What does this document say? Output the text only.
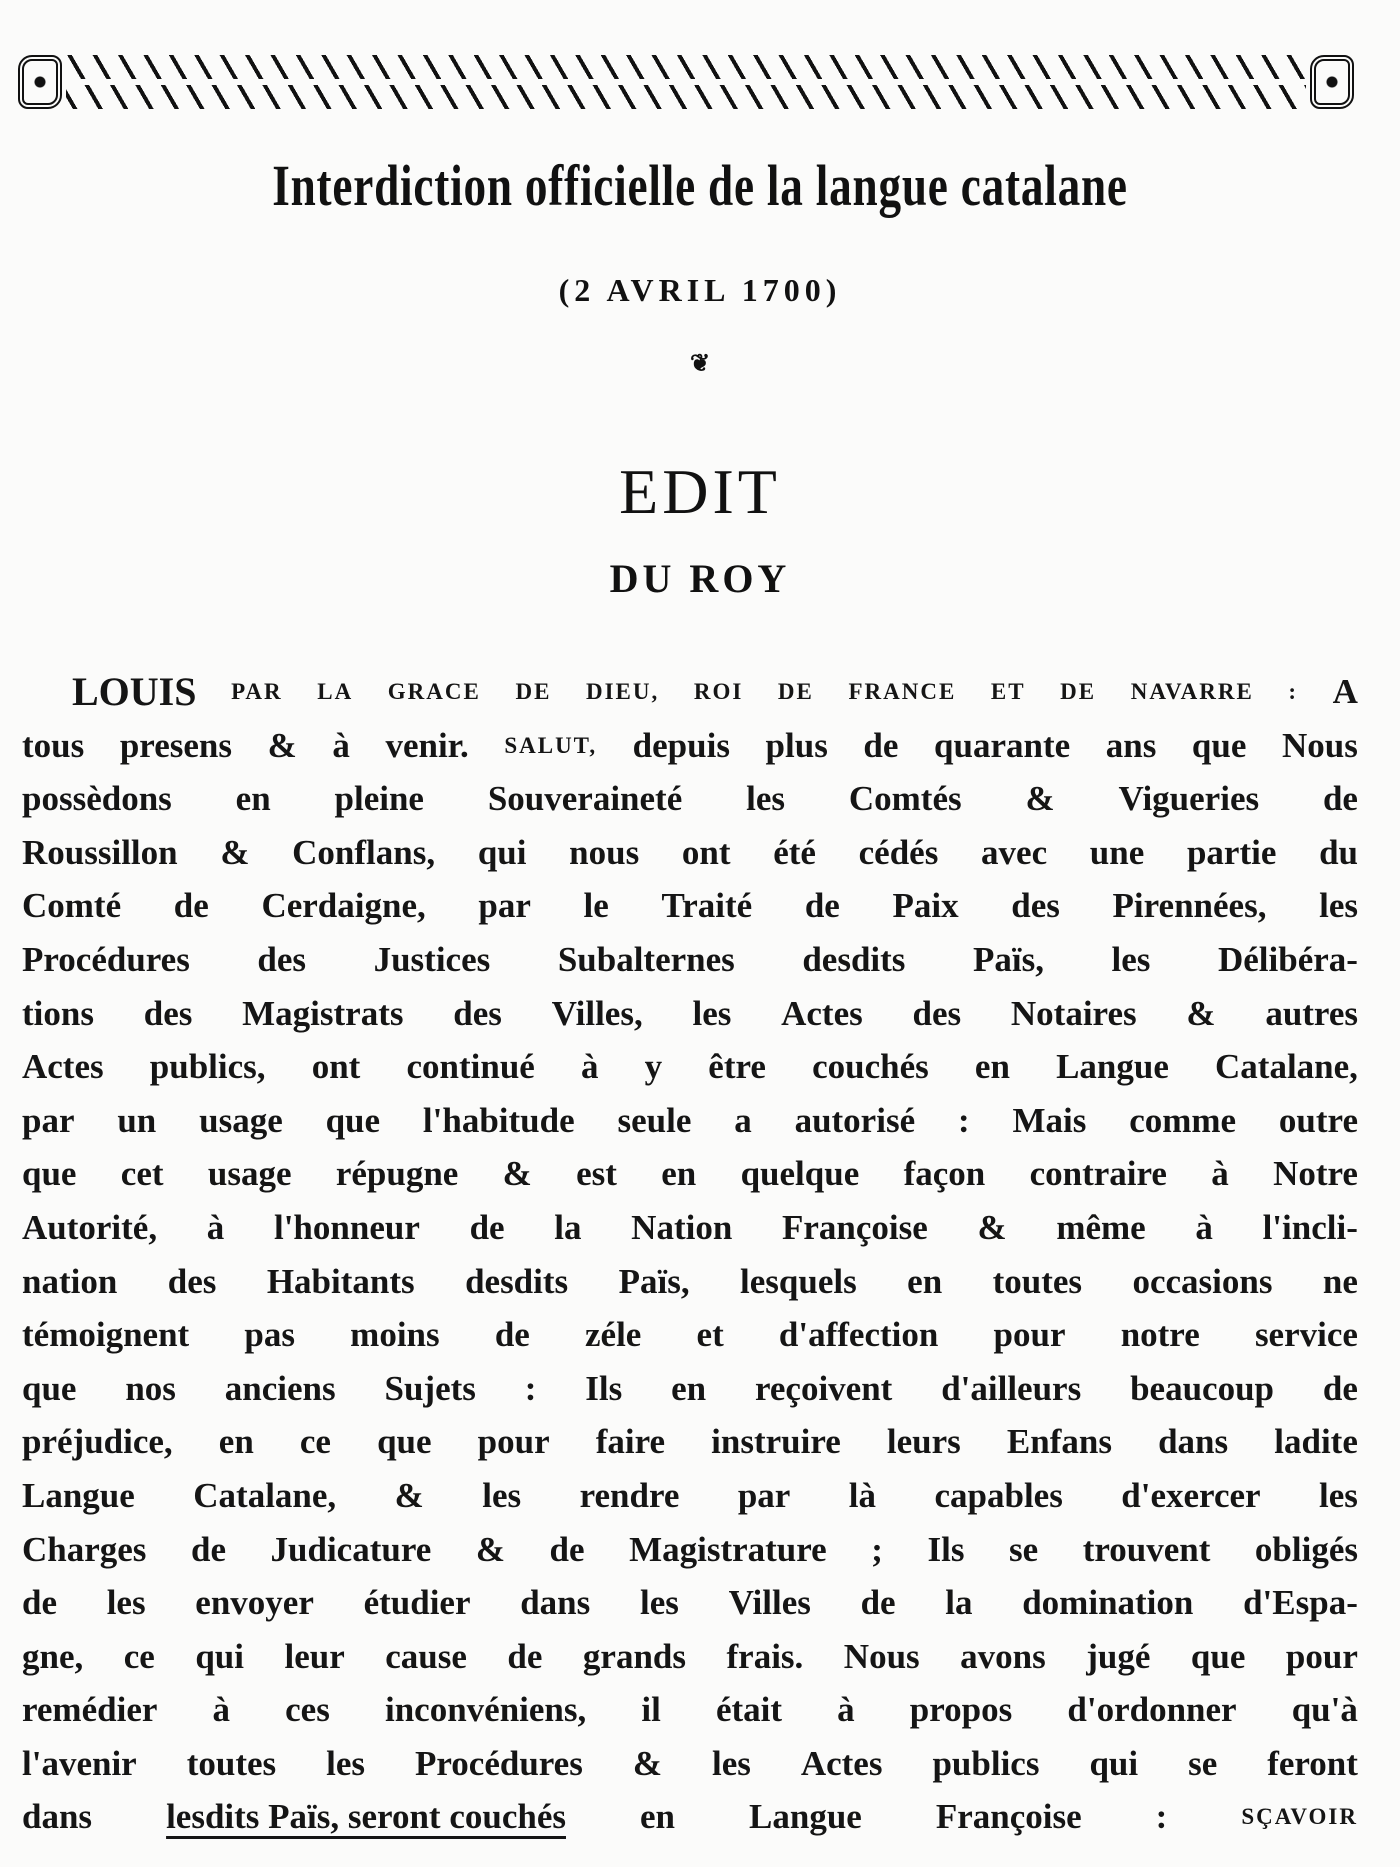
Interdiction officielle de la langue catalane
(2 AVRIL 1700)
❦
EDIT
DU ROY
LOUIS PAR LA GRACE DE DIEU, ROI DE FRANCE ET DE NAVARRE : A
tous presens & à venir. SALUT, depuis plus de quarante ans que Nous
possèdons en pleine Souveraineté les Comtés & Vigueries de
Roussillon & Conflans, qui nous ont été cédés avec une partie du
Comté de Cerdaigne, par le Traité de Paix des Pirennées, les
Procédures des Justices Subalternes desdits Païs, les Délibéra-
tions des Magistrats des Villes, les Actes des Notaires & autres
Actes publics, ont continué à y être couchés en Langue Catalane,
par un usage que l'habitude seule a autorisé : Mais comme outre
que cet usage répugne & est en quelque façon contraire à Notre
Autorité, à l'honneur de la Nation Françoise & même à l'incli-
nation des Habitants desdits Païs, lesquels en toutes occasions ne
témoignent pas moins de zéle et d'affection pour notre service
que nos anciens Sujets : Ils en reçoivent d'ailleurs beaucoup de
préjudice, en ce que pour faire instruire leurs Enfans dans ladite
Langue Catalane, & les rendre par là capables d'exercer les
Charges de Judicature & de Magistrature ; Ils se trouvent obligés
de les envoyer étudier dans les Villes de la domination d'Espa-
gne, ce qui leur cause de grands frais. Nous avons jugé que pour
remédier à ces inconvéniens, il était à propos d'ordonner qu'à
l'avenir toutes les Procédures & les Actes publics qui se feront
dans lesdits Païs, seront couchés en Langue Françoise :	SÇAVOIR
